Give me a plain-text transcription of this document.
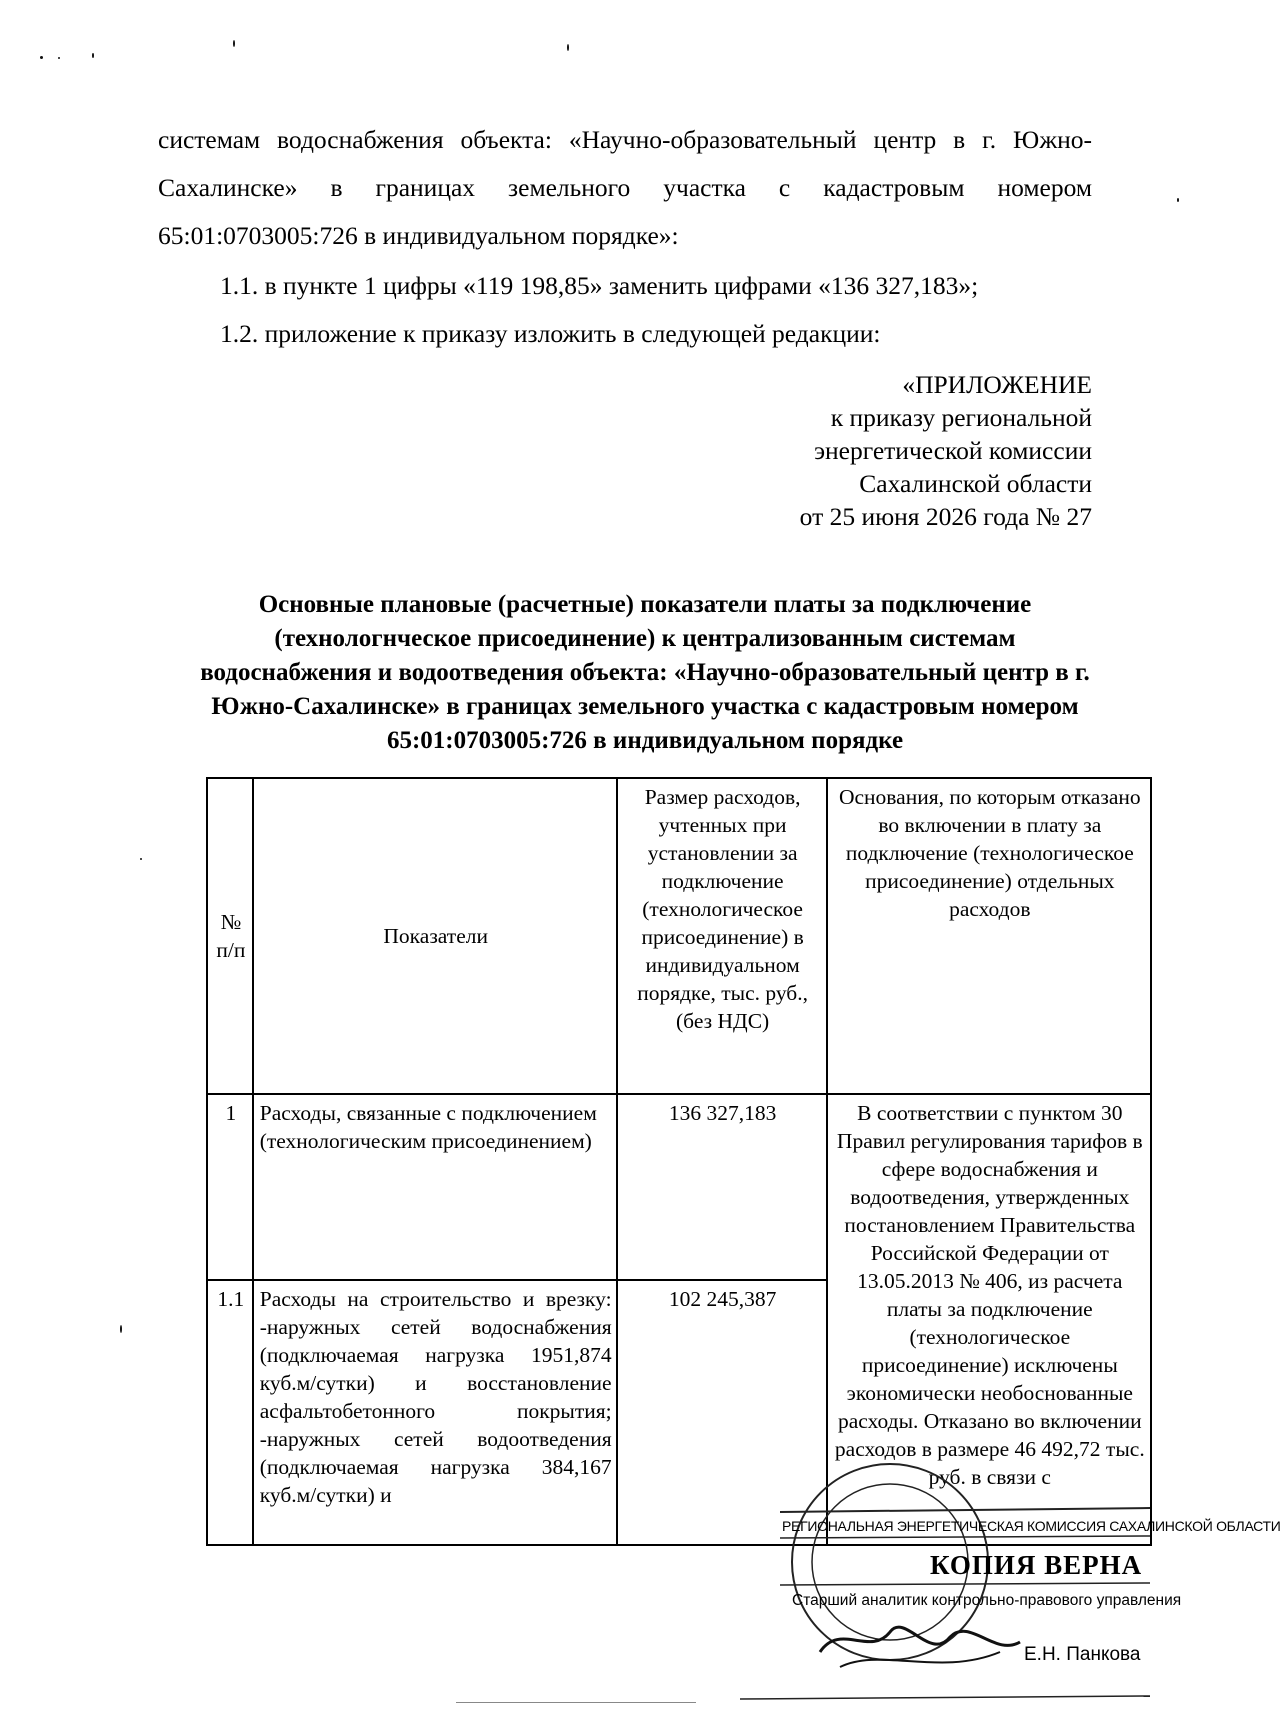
системам водоснабжения объекта: «Научно-образовательный центр в г. Южно-Сахалинске» в границах земельного участка с кадастровым номером 65:01:0703005:726 в индивидуальном порядке»:
1.1. в пункте 1 цифры «119 198,85» заменить цифрами «136 327,183»;
1.2. приложение к приказу изложить в следующей редакции:
«ПРИЛОЖЕНИЕ
к приказу региональной
энергетической комиссии
Сахалинской области
от 25 июня 2026 года № 27
Основные плановые (расчетные) показатели платы за подключение (технологнческое присоединение) к централизованным системам водоснабжения и водоотведения объекта: «Научно-образовательный центр в г. Южно-Сахалинске» в границах земельного участка с кадастровым номером 65:01:0703005:726 в индивидуальном порядке
№ п/п	Показатели	Размер расходов, учтенных при установлении за подключение (технологическое присоединение) в индивидуальном порядке, тыс. руб., (без НДС)	Основания, по которым отказано во включении в плату за подключение (технологическое присоединение) отдельных расходов
1	Расходы, связанные с подключением (технологическим присоединением)	136 327,183	В соответствии с пунктом 30 Правил регулирования тарифов в сфере водоснабжения и водоотведения, утвержденных постановлением Правительства Российской Федерации от 13.05.2013 № 406, из расчета платы за подключение (технологическое присоединение) исключены экономически необоснованные расходы. Отказано во включении расходов в размере 46 492,72 тыс. руб. в связи с
1.1	Расходы на строительство и врезку: -наружных сетей водоснабжения (подключаемая нагрузка 1951,874 куб.м/сутки) и восстановление асфальтобетонного покрытия; -наружных сетей водоотведения (подключаемая нагрузка 384,167 куб.м/сутки) и	102 245,387	
РЕГИОНАЛЬНАЯ ЭНЕРГЕТИЧЕСКАЯ КОМИССИЯ САХАЛИНСКОЙ ОБЛАСТИ
КОПИЯ ВЕРНА
Старший аналитик контрольно-правового управления
Е.Н. Панкова
